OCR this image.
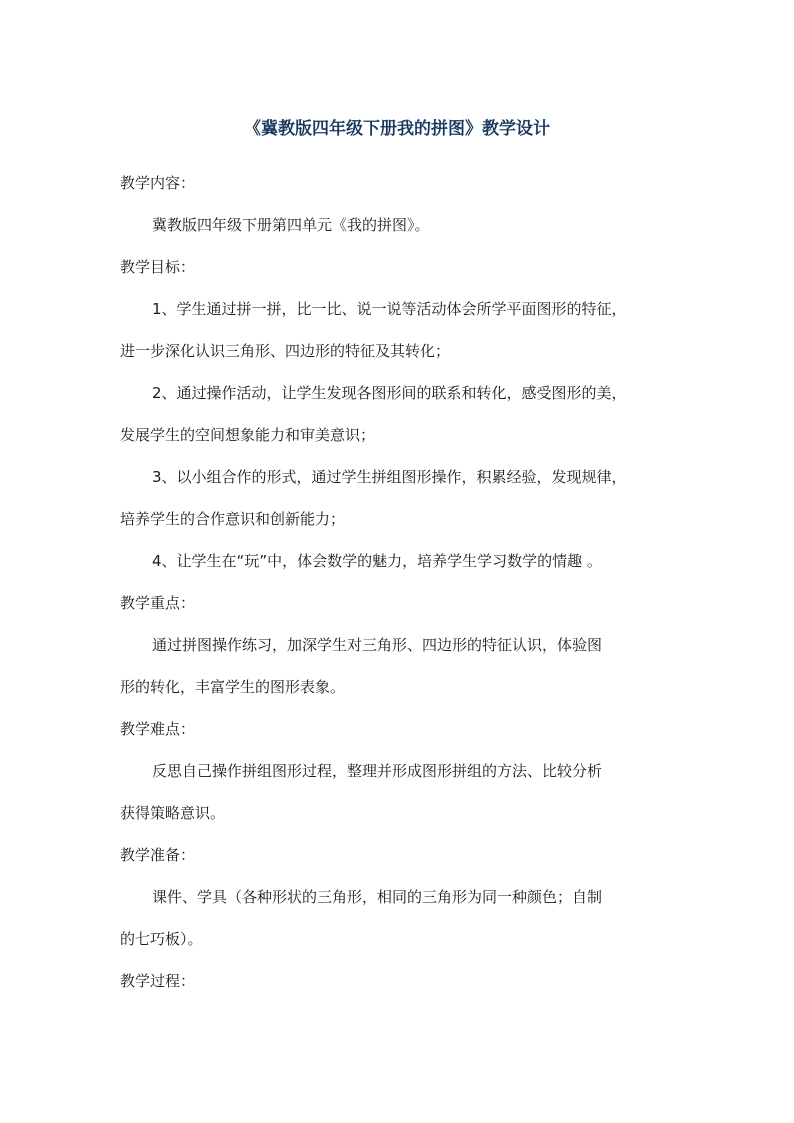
《冀教版四年级下册我的拼图》教学设计
教学内容：
冀教版四年级下册第四单元《我的拼图》。
教学目标：
1、学生通过拼一拼，比一比、说一说等活动体会所学平面图形的特征，
进一步深化认识三角形、四边形的特征及其转化；
2、通过操作活动，让学生发现各图形间的联系和转化，感受图形的美，
发展学生的空间想象能力和审美意识；
3、以小组合作的形式，通过学生拼组图形操作，积累经验，发现规律，
培养学生的合作意识和创新能力；
4、让学生在“玩”中，体会数学的魅力，培养学生学习数学的情趣 。
教学重点：
通过拼图操作练习，加深学生对三角形、四边形的特征认识，体验图
形的转化，丰富学生的图形表象。
教学难点：
反思自己操作拼组图形过程，整理并形成图形拼组的方法、比较分析
获得策略意识。
教学准备：
课件、学具（各种形状的三角形，相同的三角形为同一种颜色；自制
的七巧板）。
教学过程：
